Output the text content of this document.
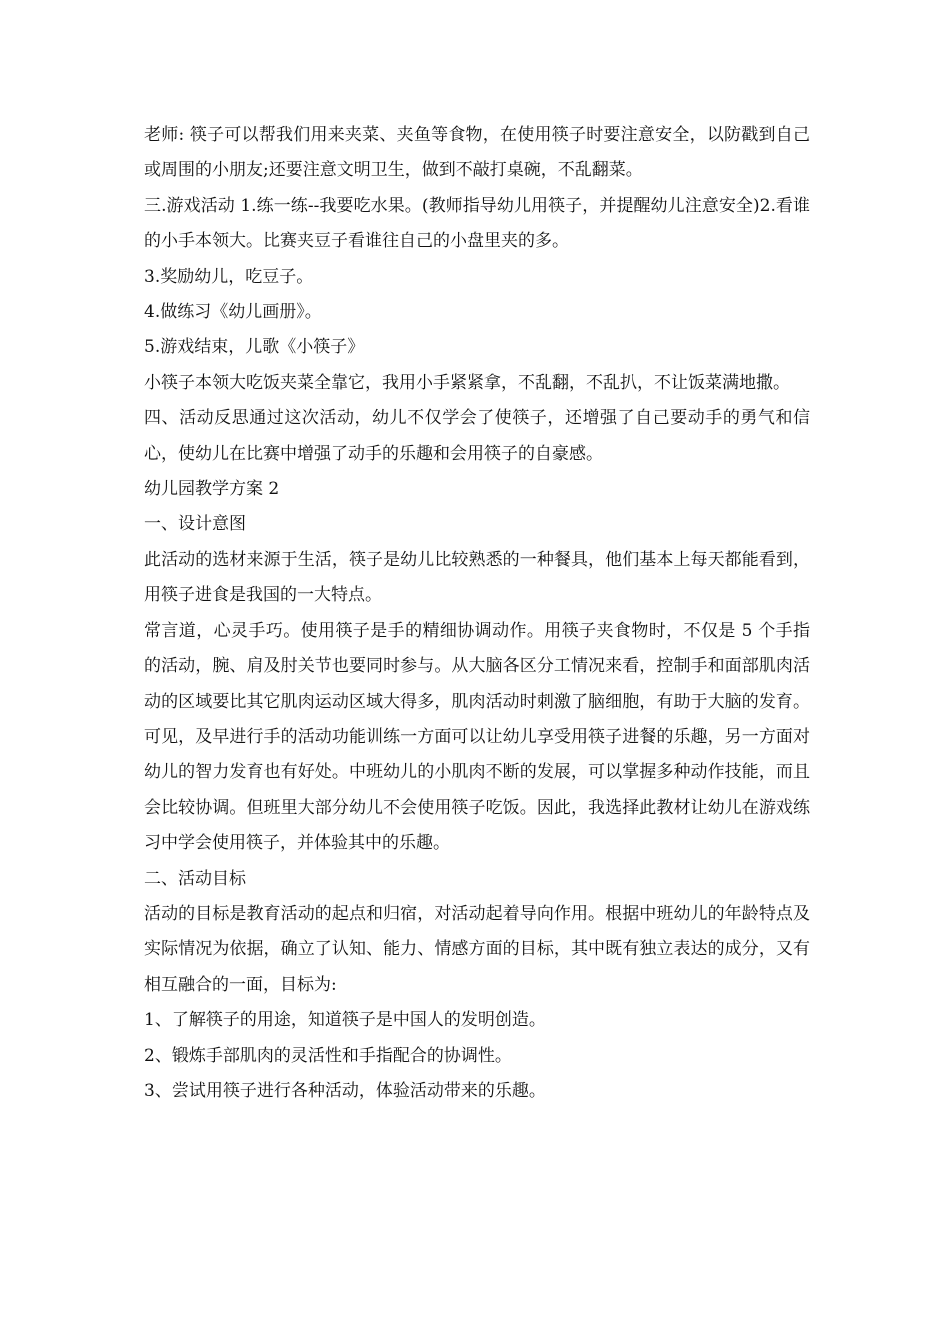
老师: 筷子可以帮我们用来夹菜、夹鱼等食物，在使用筷子时要注意安全，以防戳到自己或周围的小朋友;还要注意文明卫生，做到不敲打桌碗，不乱翻菜。

三.游戏活动 1.练一练--我要吃水果。(教师指导幼儿用筷子，并提醒幼儿注意安全)2.看谁的小手本领大。比赛夹豆子看谁往自己的小盘里夹的多。

3.奖励幼儿，吃豆子。

4.做练习《幼儿画册》。

5.游戏结束，儿歌《小筷子》

小筷子本领大吃饭夹菜全靠它，我用小手紧紧拿，不乱翻，不乱扒，不让饭菜满地撒。

四、活动反思通过这次活动，幼儿不仅学会了使筷子，还增强了自己要动手的勇气和信心，使幼儿在比赛中增强了动手的乐趣和会用筷子的自豪感。

幼儿园教学方案 2

一、设计意图

此活动的选材来源于生活，筷子是幼儿比较熟悉的一种餐具，他们基本上每天都能看到，用筷子进食是我国的一大特点。

常言道，心灵手巧。使用筷子是手的精细协调动作。用筷子夹食物时，不仅是 5 个手指的活动，腕、肩及肘关节也要同时参与。从大脑各区分工情况来看，控制手和面部肌肉活动的区域要比其它肌肉运动区域大得多，肌肉活动时刺激了脑细胞，有助于大脑的发育。可见，及早进行手的活动功能训练一方面可以让幼儿享受用筷子进餐的乐趣，另一方面对幼儿的智力发育也有好处。中班幼儿的小肌肉不断的发展，可以掌握多种动作技能，而且会比较协调。但班里大部分幼儿不会使用筷子吃饭。因此，我选择此教材让幼儿在游戏练习中学会使用筷子，并体验其中的乐趣。

二、活动目标

活动的目标是教育活动的起点和归宿，对活动起着导向作用。根据中班幼儿的年龄特点及实际情况为依据，确立了认知、能力、情感方面的目标，其中既有独立表达的成分，又有相互融合的一面，目标为:

1、了解筷子的用途，知道筷子是中国人的发明创造。

2、锻炼手部肌肉的灵活性和手指配合的协调性。

3、尝试用筷子进行各种活动，体验活动带来的乐趣。
